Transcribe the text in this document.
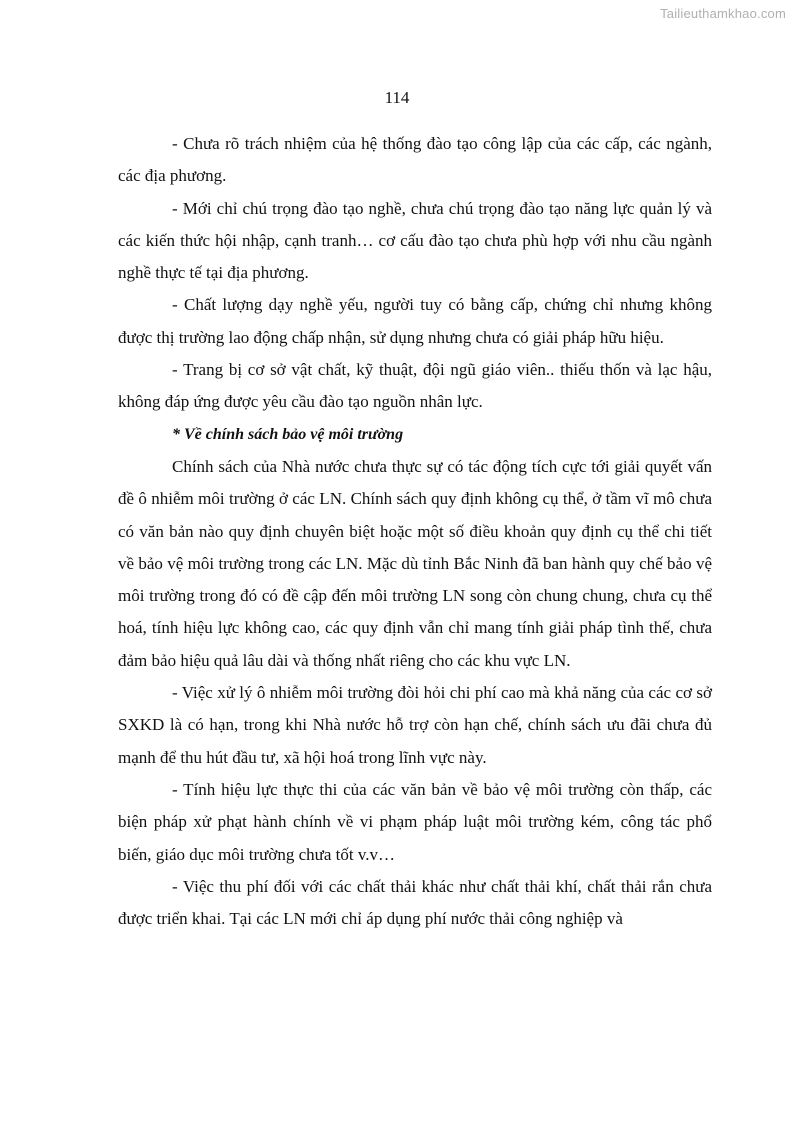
Tailieuthamkhao.com
114

- Chưa rõ trách nhiệm của hệ thống đào tạo công lập của các cấp, các ngành, các địa phương.

- Mới chỉ chú trọng đào tạo nghề, chưa chú trọng đào tạo năng lực quản lý và các kiến thức hội nhập, cạnh tranh… cơ cấu đào tạo chưa phù hợp với nhu cầu ngành nghề thực tế tại địa phương.

- Chất lượng dạy nghề yếu, người tuy có bằng cấp, chứng chỉ nhưng không được thị trường lao động chấp nhận, sử dụng nhưng chưa có giải pháp hữu hiệu.

- Trang bị cơ sở vật chất, kỹ thuật, đội ngũ giáo viên.. thiếu thốn và lạc hậu, không đáp ứng được yêu cầu đào tạo nguồn nhân lực.

* Về chính sách bảo vệ môi trường

Chính sách của Nhà nước chưa thực sự có tác động tích cực tới giải quyết vấn đề ô nhiễm môi trường ở các LN. Chính sách quy định không cụ thể, ở tầm vĩ mô chưa có văn bản nào quy định chuyên biệt hoặc một số điều khoản quy định cụ thể chi tiết về bảo vệ môi trường trong các LN. Mặc dù tỉnh Bắc Ninh đã ban hành quy chế bảo vệ môi trường trong đó có đề cập đến môi trường LN song còn chung chung, chưa cụ thể hoá, tính hiệu lực không cao, các quy định vẫn chỉ mang tính giải pháp tình thế, chưa đảm bảo hiệu quả lâu dài và thống nhất riêng cho các khu vực LN.

- Việc xử lý ô nhiễm môi trường đòi hỏi chi phí cao mà khả năng của các cơ sở SXKD là có hạn, trong khi Nhà nước hỗ trợ còn hạn chế, chính sách ưu đãi chưa đủ mạnh để thu hút đầu tư, xã hội hoá trong lĩnh vực này.

- Tính hiệu lực thực thi của các văn bản về bảo vệ môi trường còn thấp, các biện pháp xử phạt hành chính về vi phạm pháp luật môi trường kém, công tác phổ biến, giáo dục môi trường chưa tốt v.v…

- Việc thu phí đối với các chất thải khác như chất thải khí, chất thải rắn chưa được triển khai. Tại các LN mới chỉ áp dụng phí nước thải công nghiệp và
